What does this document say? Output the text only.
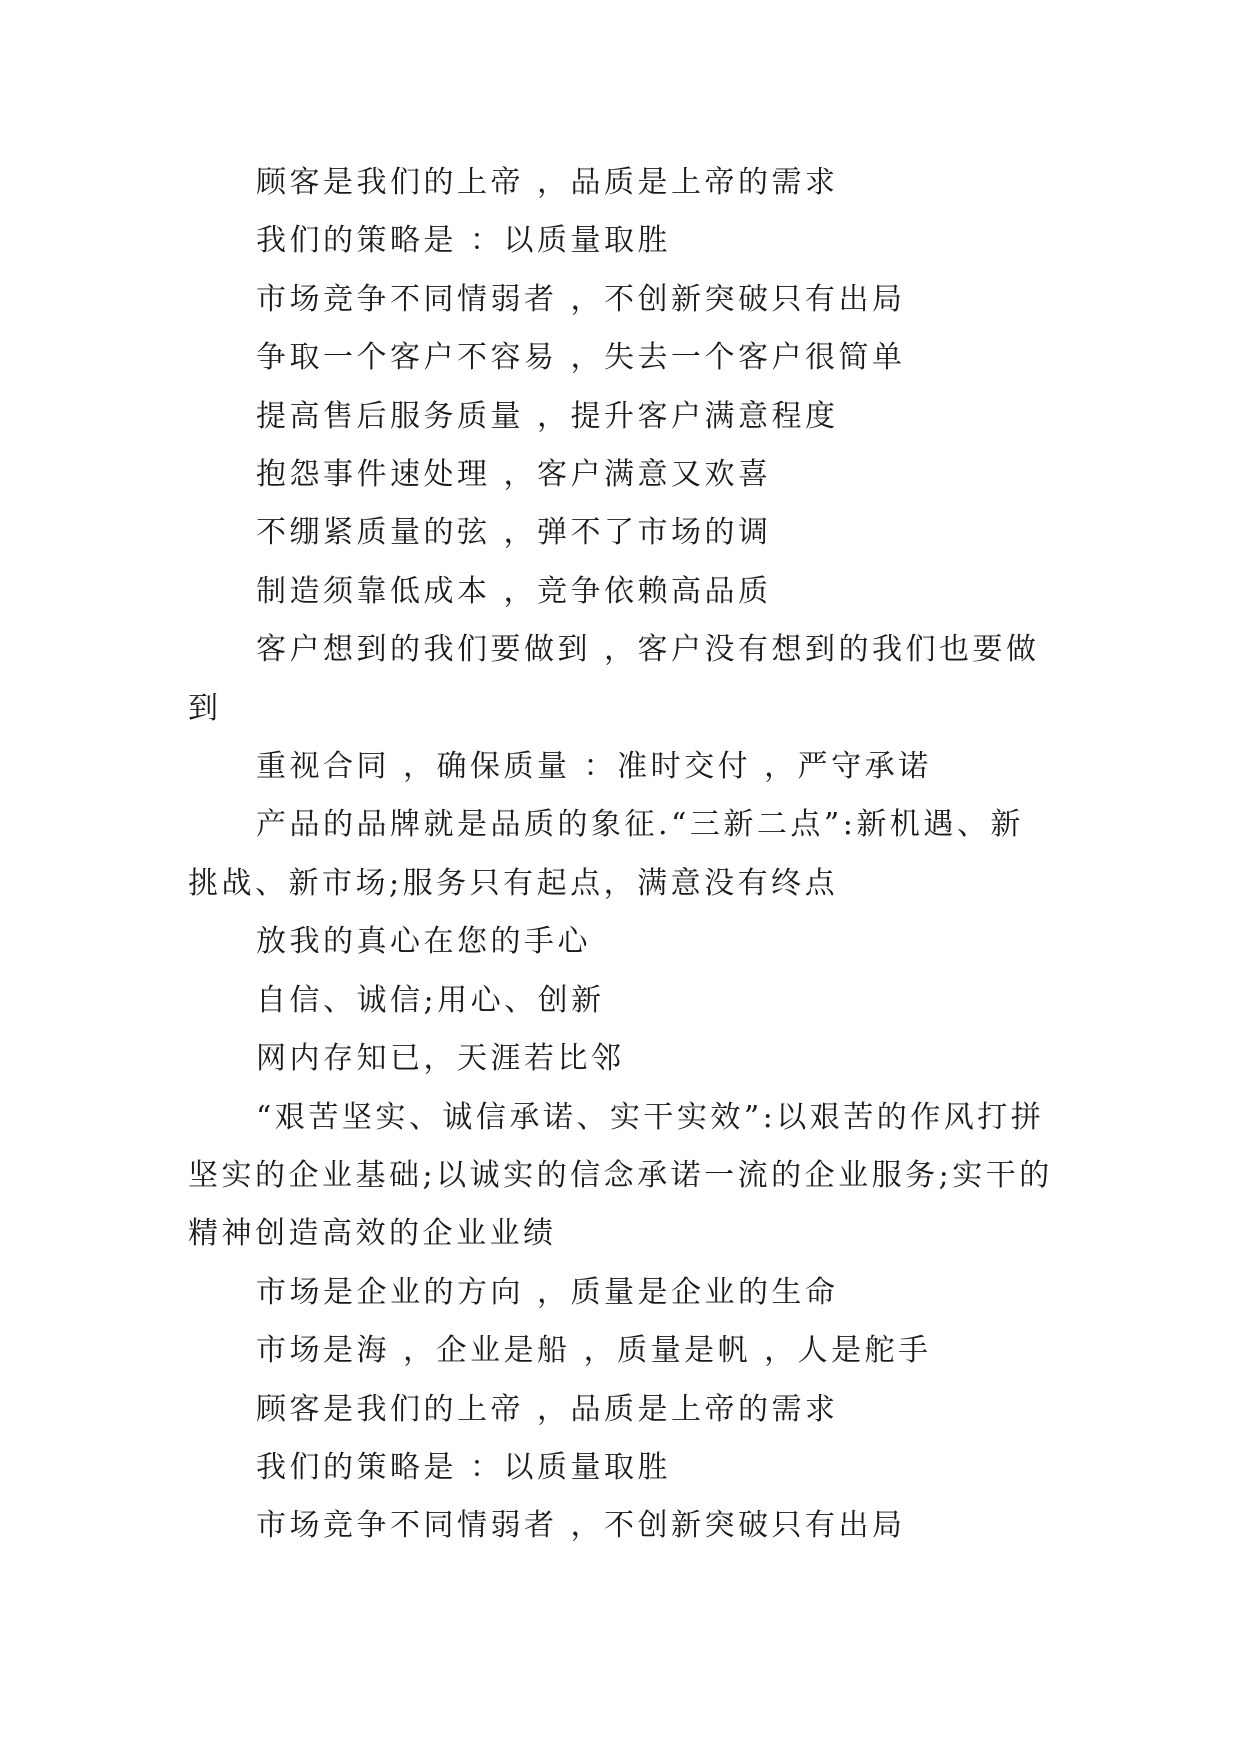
顾客是我们的上帝 ，品质是上帝的需求

我们的策略是 ：以质量取胜

市场竞争不同情弱者 ，不创新突破只有出局

争取一个客户不容易 ，失去一个客户很简单

提高售后服务质量 ，提升客户满意程度

抱怨事件速处理 ，客户满意又欢喜

不绷紧质量的弦 ，弹不了市场的调

制造须靠低成本 ，竞争依赖高品质

客户想到的我们要做到 ，客户没有想到的我们也要做到

重视合同 ，确保质量 ：准时交付 ，严守承诺

产品的品牌就是品质的象征.“三新二点”:新机遇、新挑战、新市场;服务只有起点，满意没有终点

放我的真心在您的手心

自信、诚信;用心、创新

网内存知已，天涯若比邻

“艰苦坚实、诚信承诺、实干实效”:以艰苦的作风打拼坚实的企业基础;以诚实的信念承诺一流的企业服务;实干的精神创造高效的企业业绩

市场是企业的方向 ，质量是企业的生命

市场是海 ，企业是船 ，质量是帆 ，人是舵手

顾客是我们的上帝 ，品质是上帝的需求

我们的策略是 ：以质量取胜

市场竞争不同情弱者 ，不创新突破只有出局
